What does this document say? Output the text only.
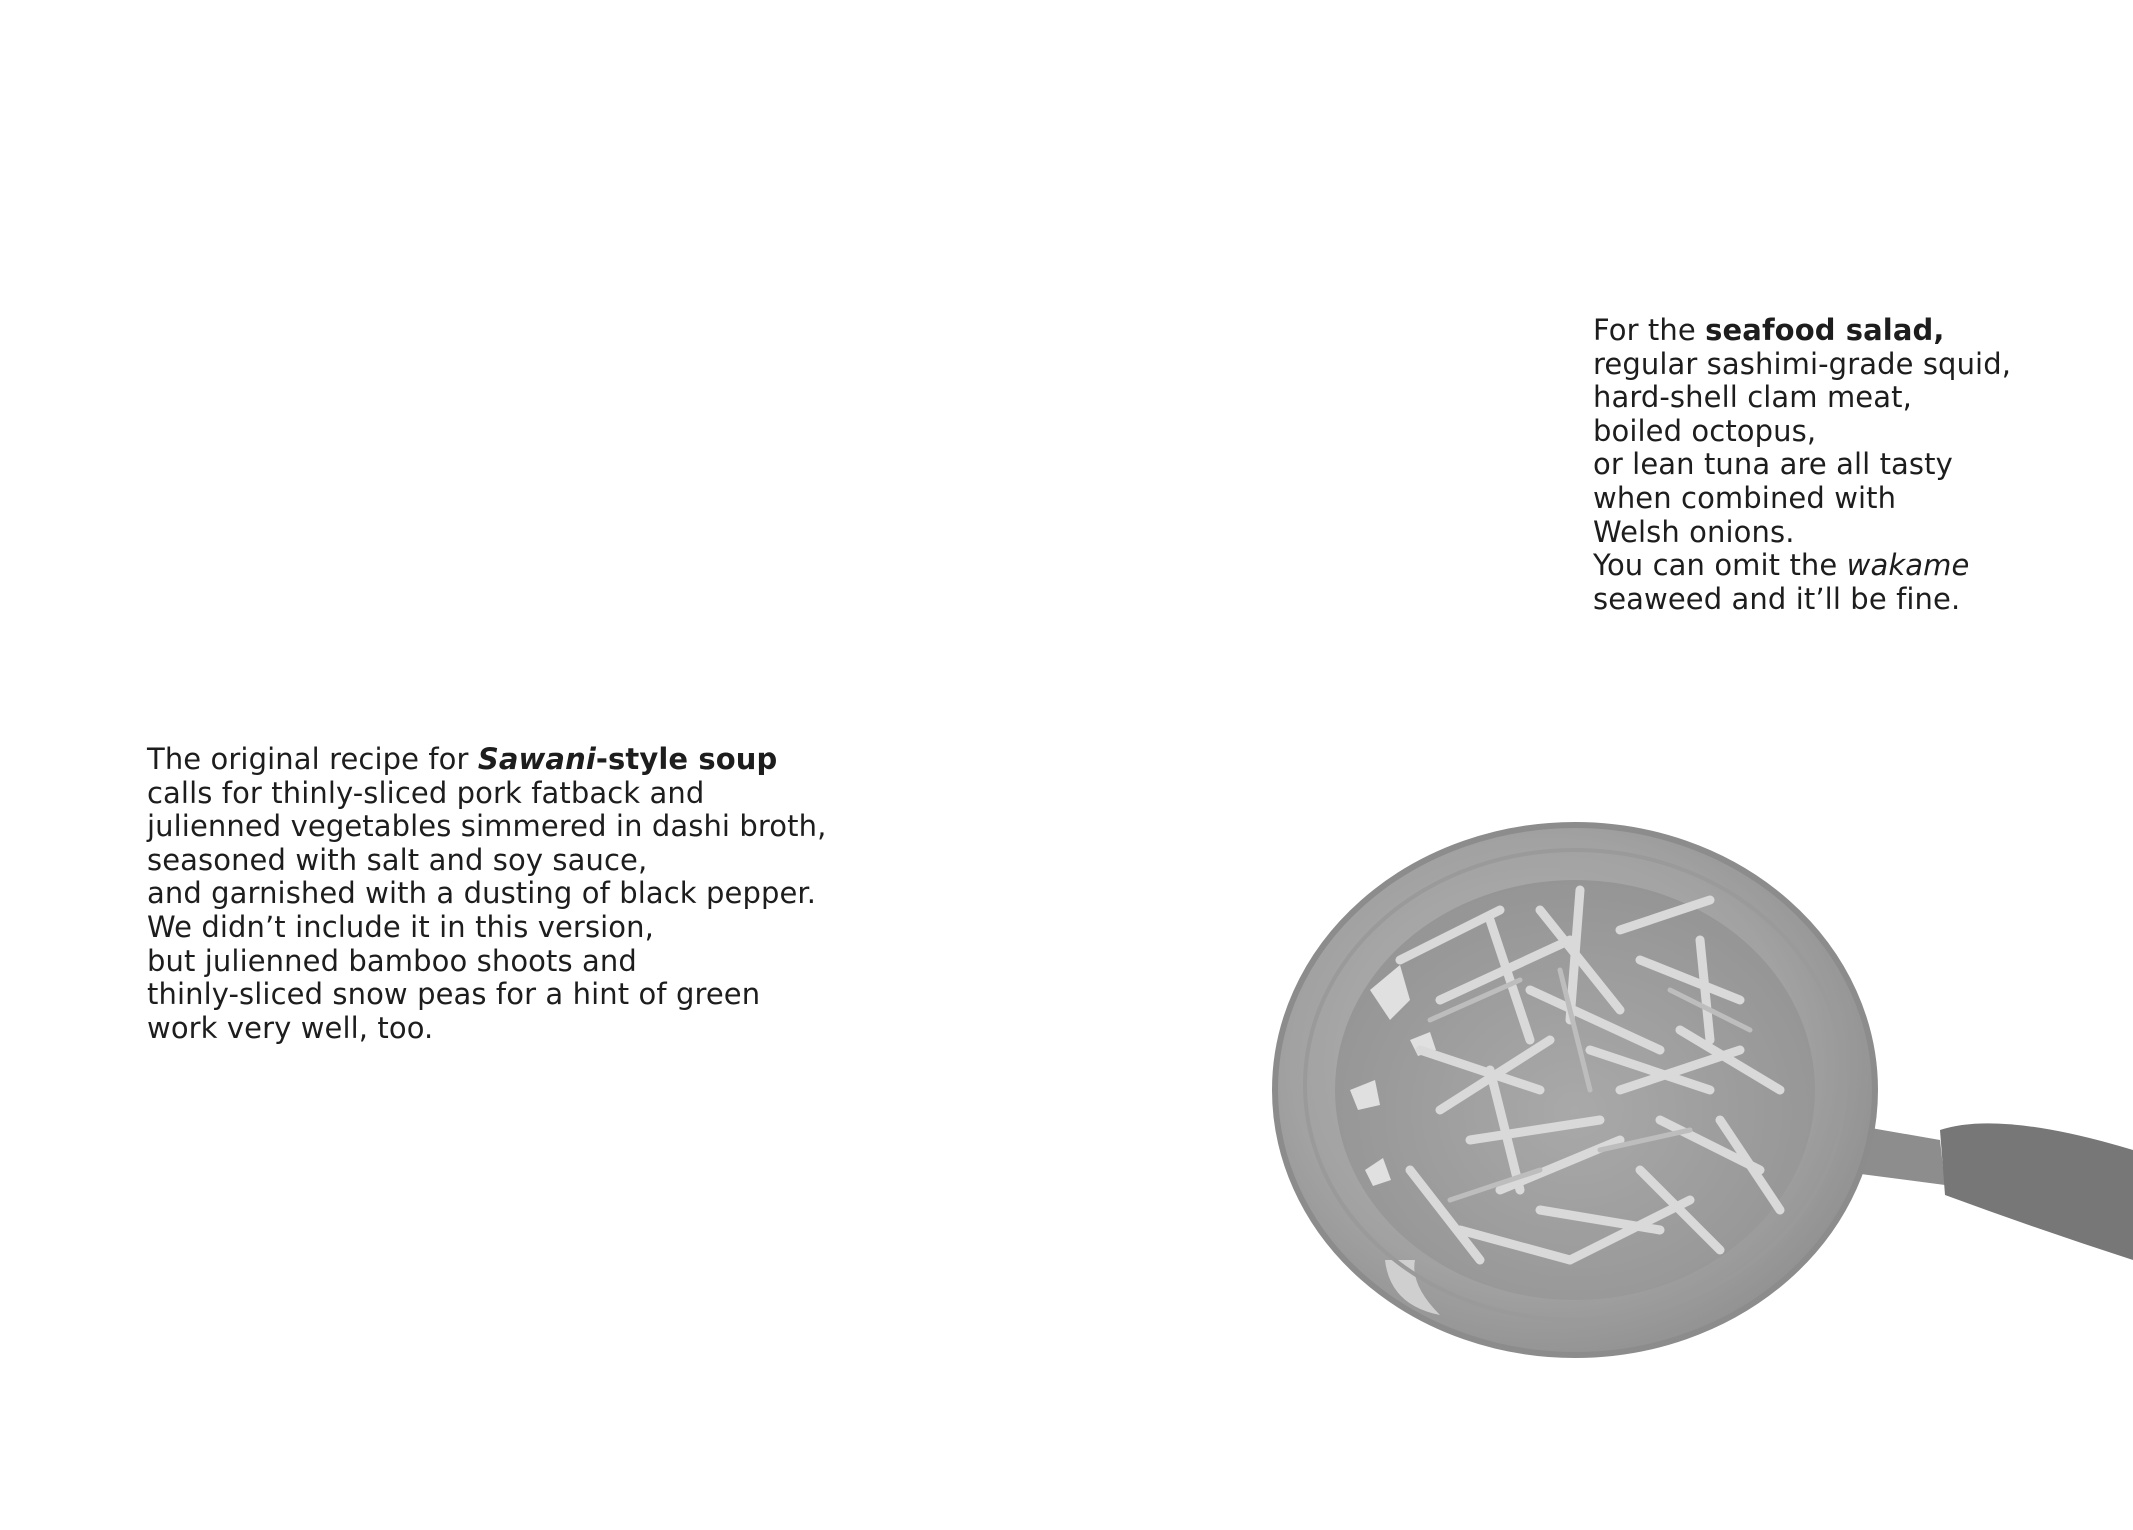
For the seafood salad,
regular sashimi-grade squid,
hard-shell clam meat,
boiled octopus,
or lean tuna are all tasty
when combined with
Welsh onions.
You can omit the wakame
seaweed and it’ll be fine.
The original recipe for Sawani-style soup
calls for thinly-sliced pork fatback and
julienned vegetables simmered in dashi broth,
seasoned with salt and soy sauce,
and garnished with a dusting of black pepper.
We didn’t include it in this version,
but julienned bamboo shoots and
thinly-sliced snow peas for a hint of green
work very well, too.
